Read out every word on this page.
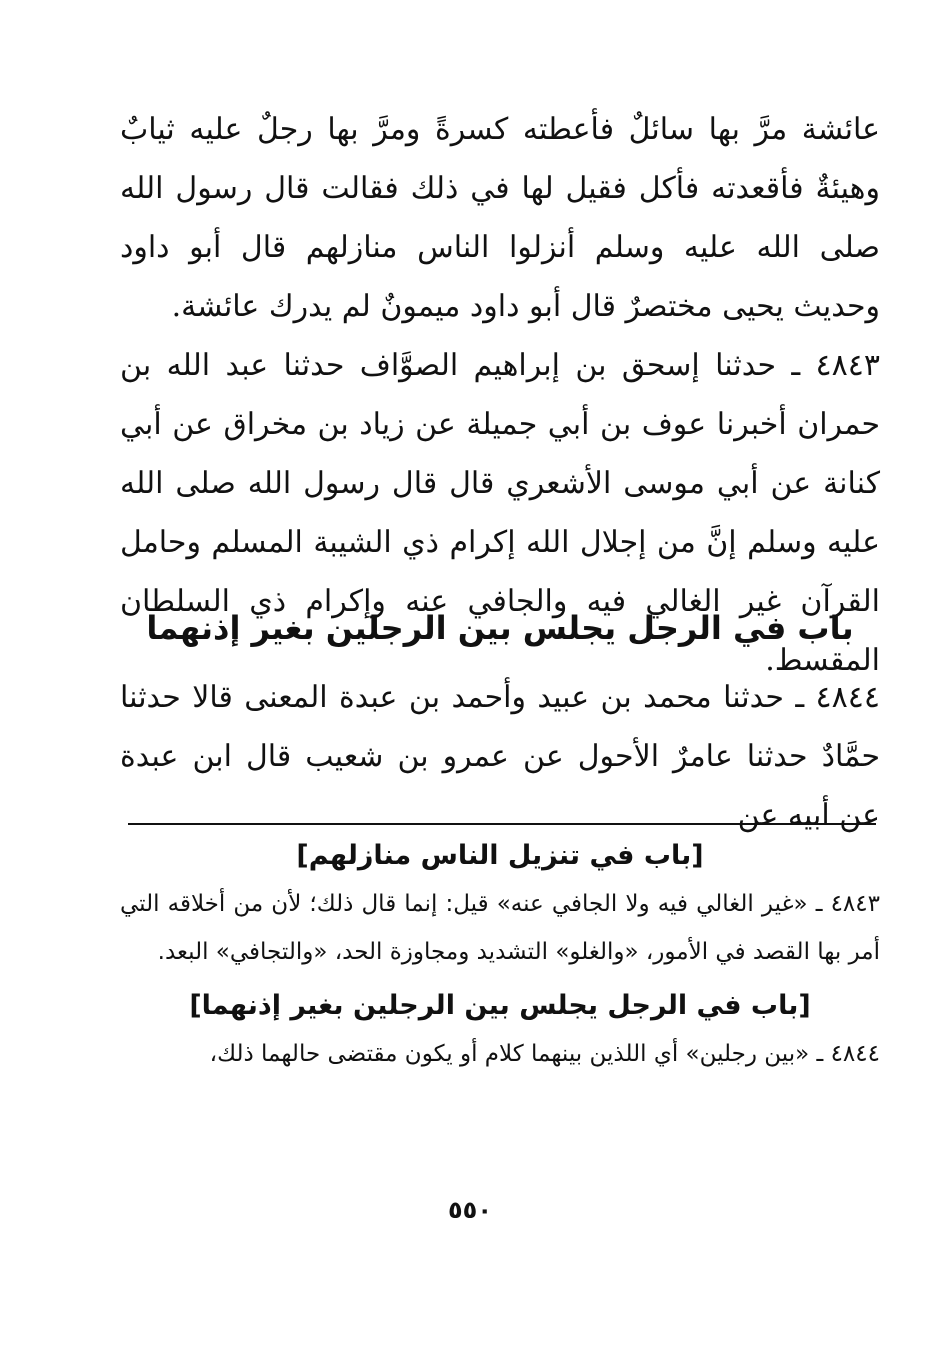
عائشة مرَّ بها سائلٌ فأعطته كسرةً ومرَّ بها رجلٌ عليه ثيابٌ وهيئةٌ فأقعدته فأكل فقيل لها في ذلك فقالت قال رسول الله صلى الله عليه وسلم أنزلوا الناس منازلهم قال أبو داود وحديث يحيى مختصرٌ قال أبو داود ميمونٌ لم يدرك عائشة.

٤٨٤٣ ـ حدثنا إسحق بن إبراهيم الصوَّاف حدثنا عبد الله بن حمران أخبرنا عوف بن أبي جميلة عن زياد بن مخراق عن أبي كنانة عن أبي موسى الأشعري قال قال رسول الله صلى الله عليه وسلم إنَّ من إجلال الله إكرام ذي الشيبة المسلم وحامل القرآن غير الغالي فيه والجافي عنه وإكرام ذي السلطان المقسط.

باب في الرجل يجلس بين الرجلين بغير إذنهما

٤٨٤٤ ـ حدثنا محمد بن عبيد وأحمد بن عبدة المعنى قالا حدثنا حمَّادٌ حدثنا عامرٌ الأحول عن عمرو بن شعيب قال ابن عبدة عن أبيه عن

[باب في تنزيل الناس منازلهم]

٤٨٤٣ ـ «غير الغالي فيه ولا الجافي عنه» قيل: إنما قال ذلك؛ لأن من أخلاقه التي أمر بها القصد في الأمور، «والغلو» التشديد ومجاوزة الحد، «والتجافي» البعد.

[باب في الرجل يجلس بين الرجلين بغير إذنهما]

٤٨٤٤ ـ «بين رجلين» أي اللذين بينهما كلام أو يكون مقتضى حالهما ذلك،

٥٥٠
